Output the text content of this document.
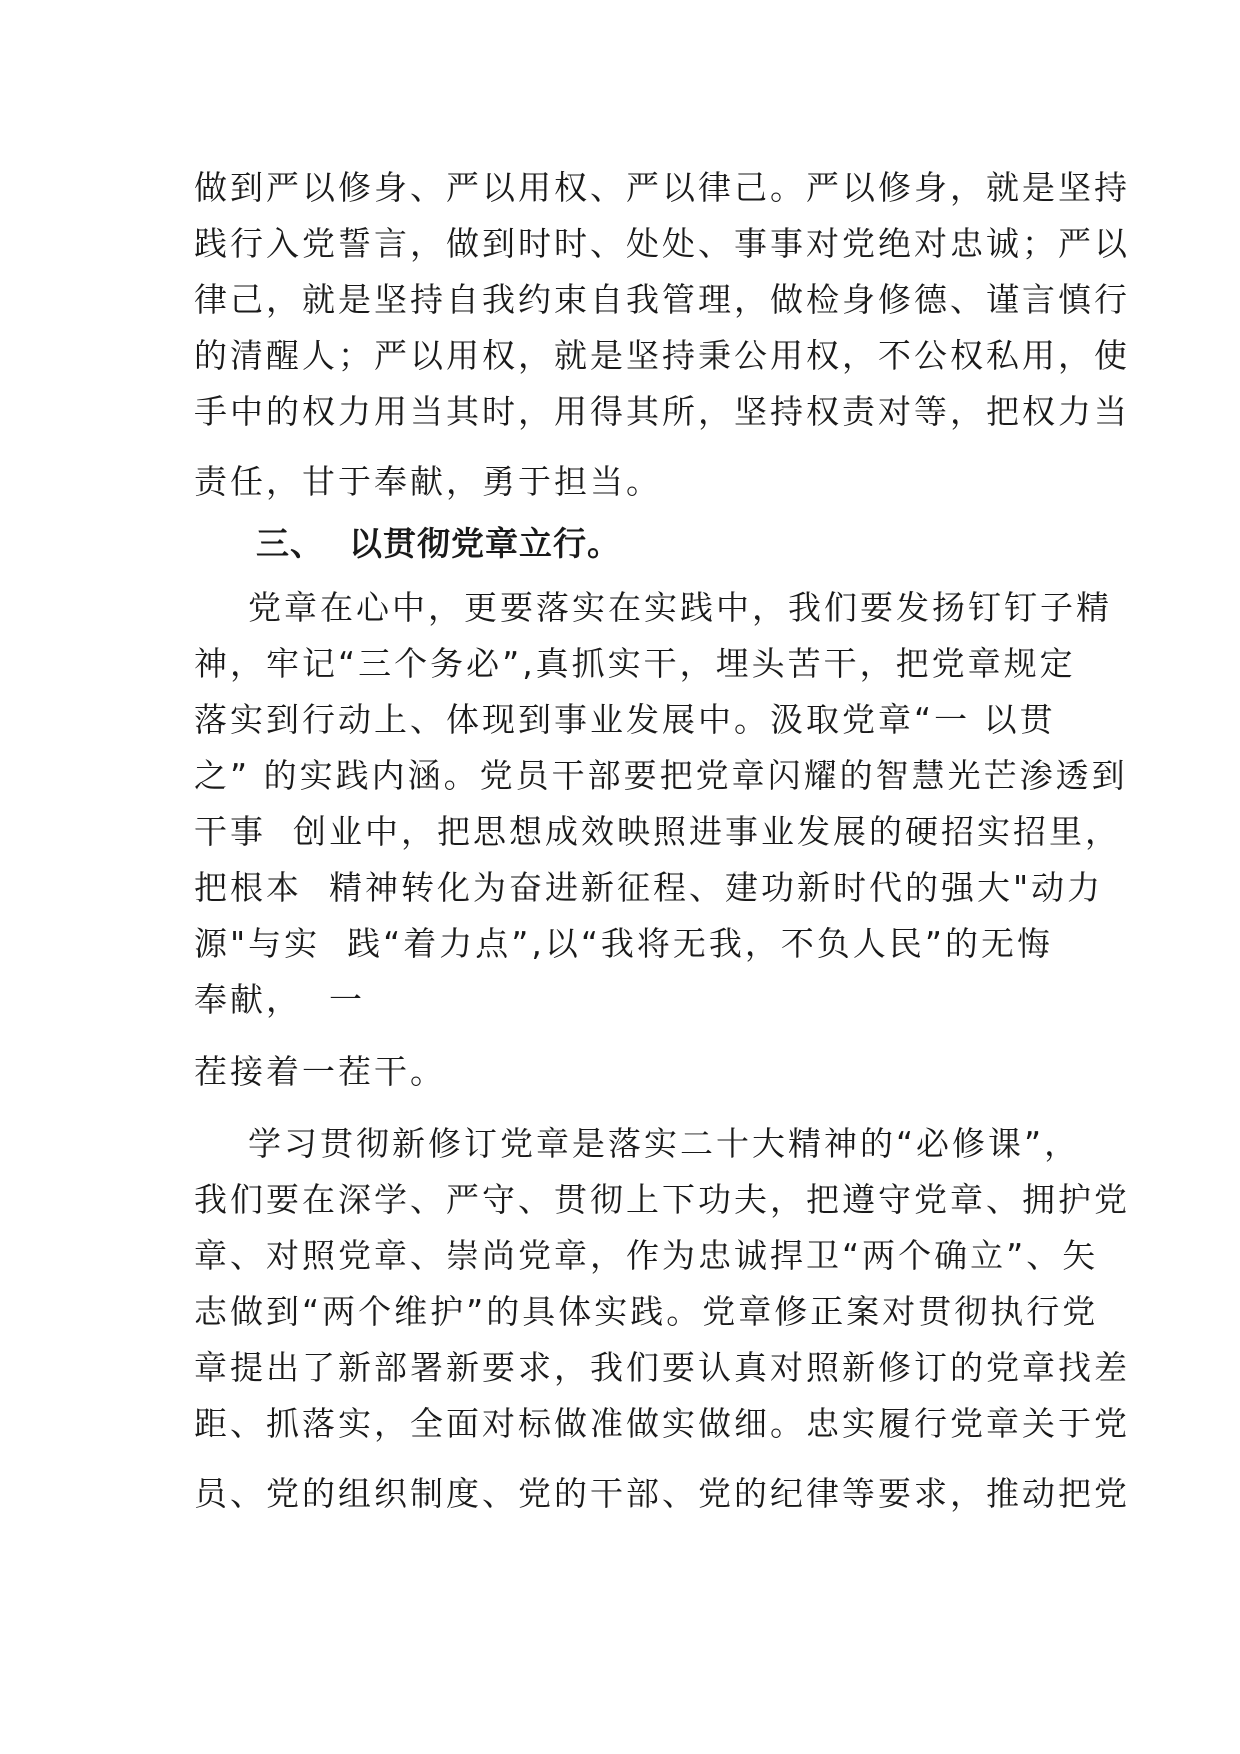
做到严以修身、严以用权、严以律己。严以修身，就是坚持
践行入党誓言，做到时时、处处、事事对党绝对忠诚；严以
律己，就是坚持自我约束自我管理，做检身修德、谨言慎行
的清醒人；严以用权，就是坚持秉公用权，不公权私用，使
手中的权力用当其时，用得其所，坚持权责对等，把权力当
责任，甘于奉献，勇于担当。
三、  以贯彻党章立行。
党章在心中，更要落实在实践中，我们要发扬钉钉子精
神，牢记“三个务必”,真抓实干，埋头苦干，把党章规定
落实到行动上、体现到事业发展中。汲取党章“一 以贯
之” 的实践内涵。党员干部要把党章闪耀的智慧光芒渗透到
干事  创业中，把思想成效映照进事业发展的硬招实招里，
把根本  精神转化为奋进新征程、建功新时代的强大"动力
源"与实  践“着力点”,以“我将无我，不负人民”的无悔
奉献，  一
茬接着一茬干。
学习贯彻新修订党章是落实二十大精神的“必修课”，
我们要在深学、严守、贯彻上下功夫，把遵守党章、拥护党
章、对照党章、崇尚党章，作为忠诚捍卫“两个确立”、矢
志做到“两个维护”的具体实践。党章修正案对贯彻执行党
章提出了新部署新要求，我们要认真对照新修订的党章找差
距、抓落实，全面对标做准做实做细。忠实履行党章关于党
员、党的组织制度、党的干部、党的纪律等要求，推动把党
